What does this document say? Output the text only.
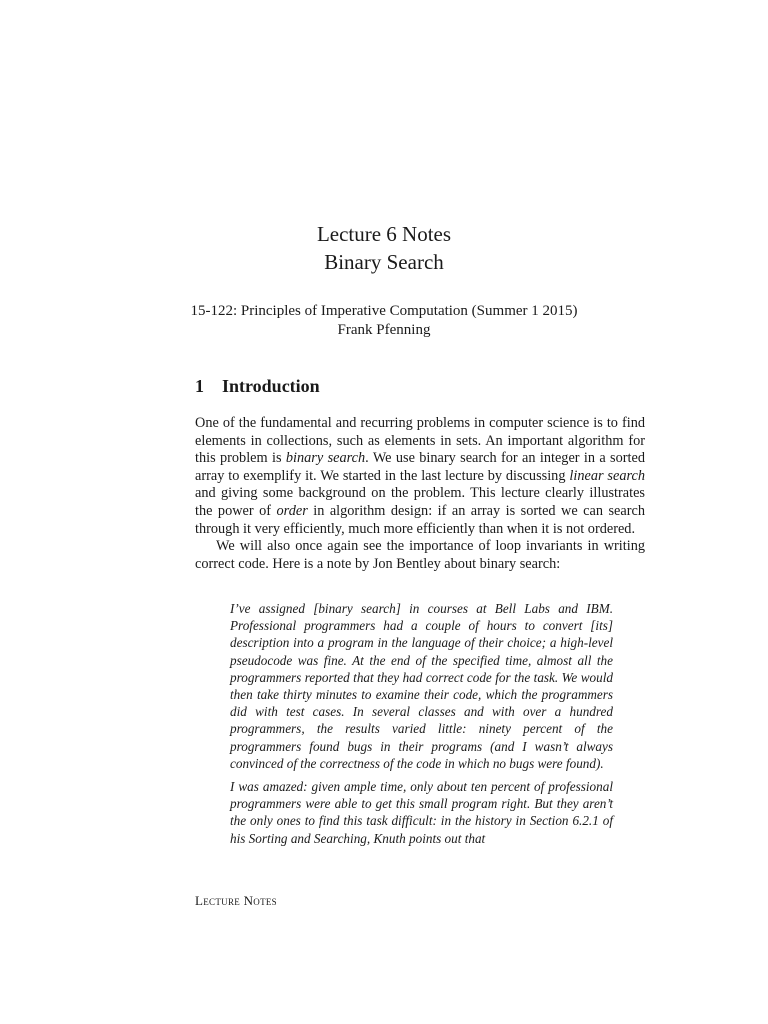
Lecture 6 Notes
Binary Search
15-122: Principles of Imperative Computation (Summer 1 2015)
Frank Pfenning
1 Introduction

One of the fundamental and recurring problems in computer science is to find elements in collections, such as elements in sets. An important algorithm for this problem is binary search. We use binary search for an integer in a sorted array to exemplify it. We started in the last lecture by discussing linear search and giving some background on the problem. This lecture clearly illustrates the power of order in algorithm design: if an array is sorted we can search through it very efficiently, much more efficiently than when it is not ordered.

We will also once again see the importance of loop invariants in writing correct code. Here is a note by Jon Bentley about binary search:

I’ve assigned [binary search] in courses at Bell Labs and IBM. Professional programmers had a couple of hours to convert [its] description into a program in the language of their choice; a high-level pseudocode was fine. At the end of the specified time, almost all the programmers reported that they had correct code for the task. We would then take thirty minutes to examine their code, which the programmers did with test cases. In several classes and with over a hundred programmers, the results varied little: ninety percent of the programmers found bugs in their programs (and I wasn’t always convinced of the correctness of the code in which no bugs were found).

I was amazed: given ample time, only about ten percent of professional programmers were able to get this small program right. But they aren’t the only ones to find this task difficult: in the history in Section 6.2.1 of his Sorting and Searching, Knuth points out that

Lecture Notes
